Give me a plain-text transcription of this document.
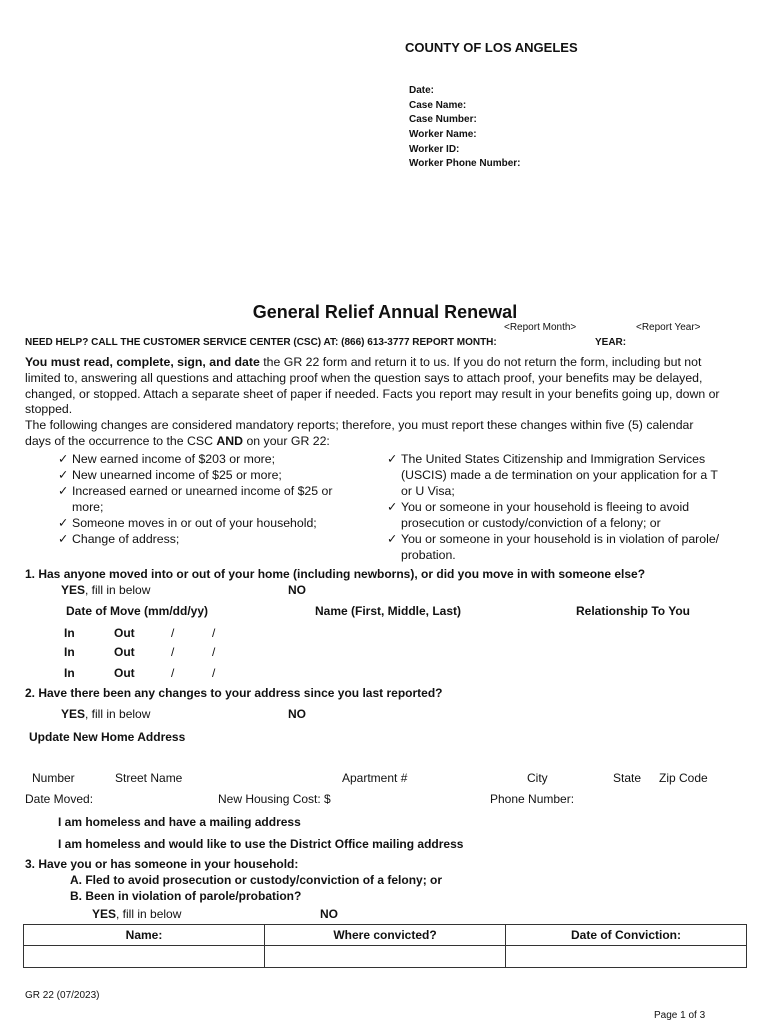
COUNTY OF LOS ANGELES
Date:
Case Name:
Case Number:
Worker Name:
Worker ID:
Worker Phone Number:
General Relief Annual Renewal
<Report Month>	<Report Year>
NEED HELP? CALL THE CUSTOMER SERVICE CENTER (CSC) AT: (866) 613-3777 REPORT MONTH:	YEAR:
You must read, complete, sign, and date the GR 22 form and return it to us. If you do not return the form, including but not
limited to, answering all questions and attaching proof when the question says to attach proof, your benefits may be delayed,
changed, or stopped. Attach a separate sheet of paper if needed. Facts you report may result in your benefits going up, down or
stopped.
The following changes are considered mandatory reports; therefore, you must report these changes within five (5) calendar
days of the occurrence to the CSC AND on your GR 22:
✓ New earned income of $203 or more;
✓ New unearned income of $25 or more;
✓ Increased earned or unearned income of $25 or
more;
✓ Someone moves in or out of your household;
✓ Change of address;
✓ The United States Citizenship and Immigration Services
(USCIS) made a de termination on your application for a T
or U Visa;
✓ You or someone in your household is fleeing to avoid
prosecution or custody/conviction of a felony; or
✓ You or someone in your household is in violation of parole/
probation.
1. Has anyone moved into or out of your home (including newborns), or did you move in with someone else?
YES, fill in below	NO
Date of Move (mm/dd/yy)	Name (First, Middle, Last)	Relationship To You
In	Out	/	/
In	Out	/	/
In	Out	/	/
2. Have there been any changes to your address since you last reported?
YES, fill in below	NO
Update New Home Address
Number	Street Name	Apartment #	City	State Zip Code
Date Moved:	New Housing Cost: $	Phone Number:
I am homeless and have a mailing address
I am homeless and would like to use the District Office mailing address
3. Have you or has someone in your household:
A. Fled to avoid prosecution or custody/conviction of a felony; or
B. Been in violation of parole/probation?
YES, fill in below	NO
Name:	Where convicted?	Date of Conviction:

GR 22 (07/2023)
Page 1 of 3
